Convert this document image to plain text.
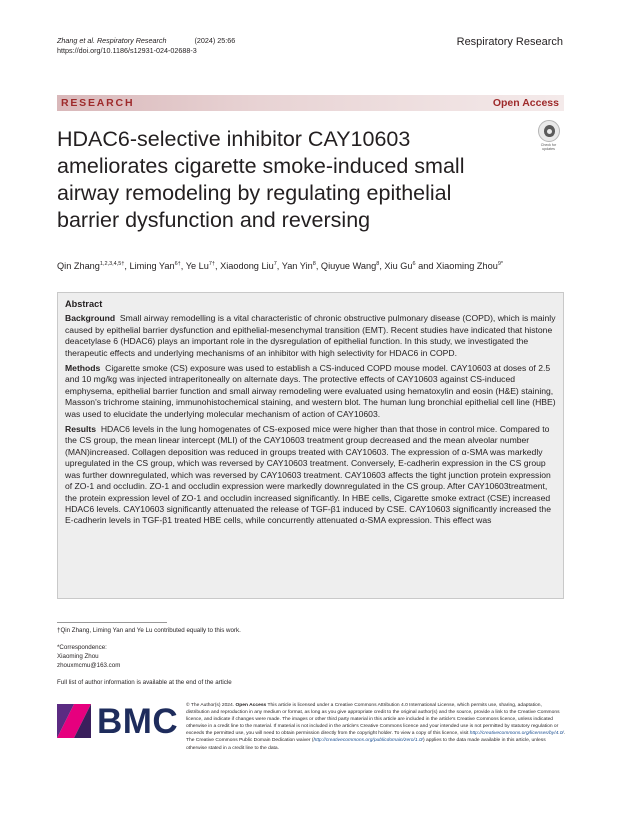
Zhang et al. Respiratory Research	(2024) 25:66
https://doi.org/10.1186/s12931-024-02688-3
Respiratory Research
RESEARCH	Open Access
HDAC6-selective inhibitor CAY10603 ameliorates cigarette smoke-induced small airway remodeling by regulating epithelial barrier dysfunction and reversing
Check for
updates
Qin Zhang$^{1,2,3,4,5\dagger}$, Liming Yan$^{6\dagger}$, Ye $Lu^{7\dagger}$, Xiaodong Liu$^7$, Yan Yin$^8$, Qiuyue Wang$^8$, Xiu Gu$^6$ and Xiaoming Zhou$^{9*}$
Abstract

Background Small airway remodelling is a vital characteristic of chronic obstructive pulmonary disease (COPD), which is mainly caused by epithelial barrier dysfunction and epithelial-mesenchymal transition (EMT). Recent studies have indicated that histone deacetylase 6 (HDAC6) plays an important role in the dysregulation of epithelial function. In this study, we investigated the therapeutic effects and underlying mechanisms of an inhibitor with high selectivity for HDAC6 in COPD.

Methods Cigarette smoke (CS) exposure was used to establish a CS-induced COPD mouse model. CAY10603 at doses of 2.5 and 10 mg/kg was injected intraperitoneally on alternate days. The protective effects of CAY10603 against CS-induced emphysema, epithelial barrier function and small airway remodeling were evaluated using hematoxylin and eosin (H&E) staining, Masson's trichrome staining, immunohistochemical staining, and western blot. The human lung bronchial epithelial cell line (HBE) was used to elucidate the underlying molecular mechanism of action of CAY10603.

Results HDAC6 levels in the lung homogenates of CS-exposed mice were higher than that those in control mice. Compared to the CS group, the mean linear intercept (MLI) of the CAY10603 treatment group decreased and the mean alveolar number (MAN)increased. Collagen deposition was reduced in groups treated with CAY10603. The expression of α-SMA was markedly upregulated in the CS group, which was reversed by CAY10603 treatment. Conversely, E-cadherin expression in the CS group was further downregulated, which was reversed by CAY10603 treatment. CAY10603 affects the tight junction protein expression of ZO-1 and occludin. ZO-1 and occludin expression were markedly downregulated in the CS group. After CAY10603treatment, the protein expression level of ZO-1 and occludin increased significantly. In HBE cells, Cigarette smoke extract (CSE) increased HDAC6 levels. CAY10603 significantly attenuated the release of TGF-β1 induced by CSE. CAY10603 significantly increased the E-cadherin levels in TGF-β1 treated HBE cells, while concurrently attenuated α-SMA expression. This effect was

†Qin Zhang, Liming Yan and Ye Lu contributed equally to this work.
*Correspondence:
Xiaoming Zhou
zhouxmcmu@163.com
Full list of author information is available at the end of the article
BMC © The Author(s) 2024. Open Access This article is licensed under a Creative Commons Attribution 4.0 International License, which permits use, sharing, adaptation, distribution and reproduction in any medium or format, as long as you give appropriate credit to the original author(s) and the source, provide a link to the Creative Commons licence, and indicate if changes were made. The images or other third party material in this article are included in the article's Creative Commons licence, unless indicated otherwise in a credit line to the material. If material is not included in the article's Creative Commons licence and your intended use is not permitted by statutory regulation or exceeds the permitted use, you will need to obtain permission directly from the copyright holder. To view a copy of this licence, visit http://creativecommons.org/licenses/by/4.0/. The Creative Commons Public Domain Dedication waiver (http://creativecommons.org/publicdomain/zero/1.0/) applies to the data made available in this article, unless otherwise stated in a credit line to the data.
